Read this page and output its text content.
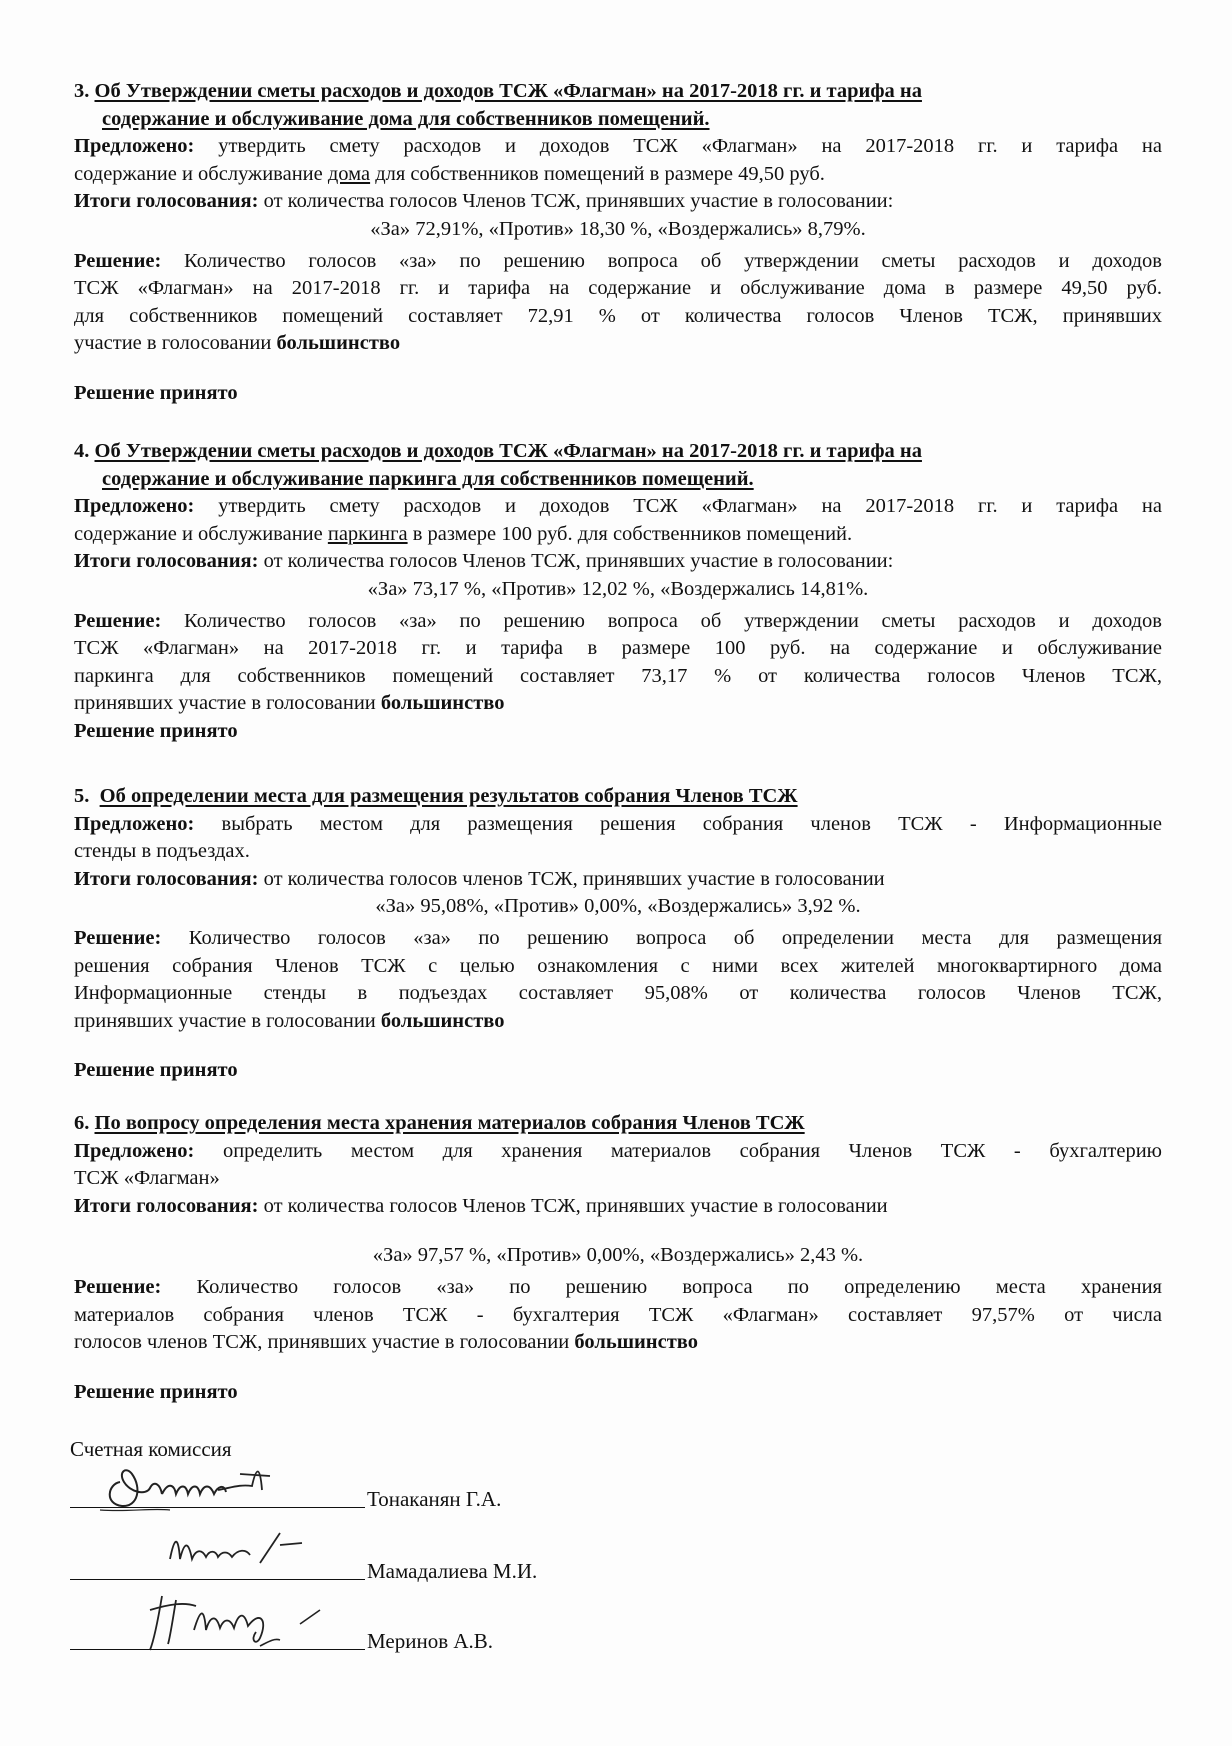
3. Об Утверждении сметы расходов и доходов ТСЖ «Флагман» на 2017-2018 гг. и тарифа на
содержание и обслуживание дома для собственников помещений.
Предложено: утвердить смету расходов и доходов ТСЖ «Флагман» на 2017-2018 гг. и тарифа на
содержание и обслуживание дома для собственников помещений в размере 49,50 руб.
Итоги голосования: от количества голосов Членов ТСЖ, принявших участие в голосовании:
«За» 72,91%, «Против» 18,30 %, «Воздержались» 8,79%.
Решение: Количество голосов «за» по решению вопроса об утверждении сметы расходов и доходов
ТСЖ «Флагман» на 2017-2018 гг. и тарифа на содержание и обслуживание дома в размере 49,50 руб.
для собственников помещений составляет 72,91 % от количества голосов Членов ТСЖ, принявших
участие в голосовании большинство
Решение принято
4. Об Утверждении сметы расходов и доходов ТСЖ «Флагман» на 2017-2018 гг. и тарифа на
содержание и обслуживание паркинга для собственников помещений.
Предложено: утвердить смету расходов и доходов ТСЖ «Флагман» на 2017-2018 гг. и тарифа на
содержание и обслуживание паркинга в размере 100 руб. для собственников помещений.
Итоги голосования: от количества голосов Членов ТСЖ, принявших участие в голосовании:
«За» 73,17 %, «Против» 12,02 %, «Воздержались 14,81%.
Решение: Количество голосов «за» по решению вопроса об утверждении сметы расходов и доходов
ТСЖ «Флагман» на 2017-2018 гг. и тарифа в размере 100 руб. на содержание и обслуживание
паркинга для собственников помещений составляет 73,17 % от количества голосов Членов ТСЖ,
принявших участие в голосовании большинство
Решение принято
5. Об определении места для размещения результатов собрания Членов ТСЖ
Предложено: выбрать местом для размещения решения собрания членов ТСЖ - Информационные
стенды в подъездах.
Итоги голосования: от количества голосов членов ТСЖ, принявших участие в голосовании
«За» 95,08%, «Против» 0,00%, «Воздержались» 3,92 %.
Решение: Количество голосов «за» по решению вопроса об определении места для размещения
решения собрания Членов ТСЖ с целью ознакомления с ними всех жителей многоквартирного дома
Информационные стенды в подъездах составляет 95,08% от количества голосов Членов ТСЖ,
принявших участие в голосовании большинство
Решение принято
6. По вопросу определения места хранения материалов собрания Членов ТСЖ
Предложено: определить местом для хранения материалов собрания Членов ТСЖ - бухгалтерию
ТСЖ «Флагман»
Итоги голосования: от количества голосов Членов ТСЖ, принявших участие в голосовании
«За» 97,57 %, «Против» 0,00%, «Воздержались» 2,43 %.
Решение: Количество голосов «за» по решению вопроса по определению места хранения
материалов собрания членов ТСЖ - бухгалтерия ТСЖ «Флагман» составляет 97,57% от числа
голосов членов ТСЖ, принявших участие в голосовании большинство
Решение принято
Счетная комиссия
Тонаканян Г.А.
Мамадалиева М.И.
Меринов А.В.
